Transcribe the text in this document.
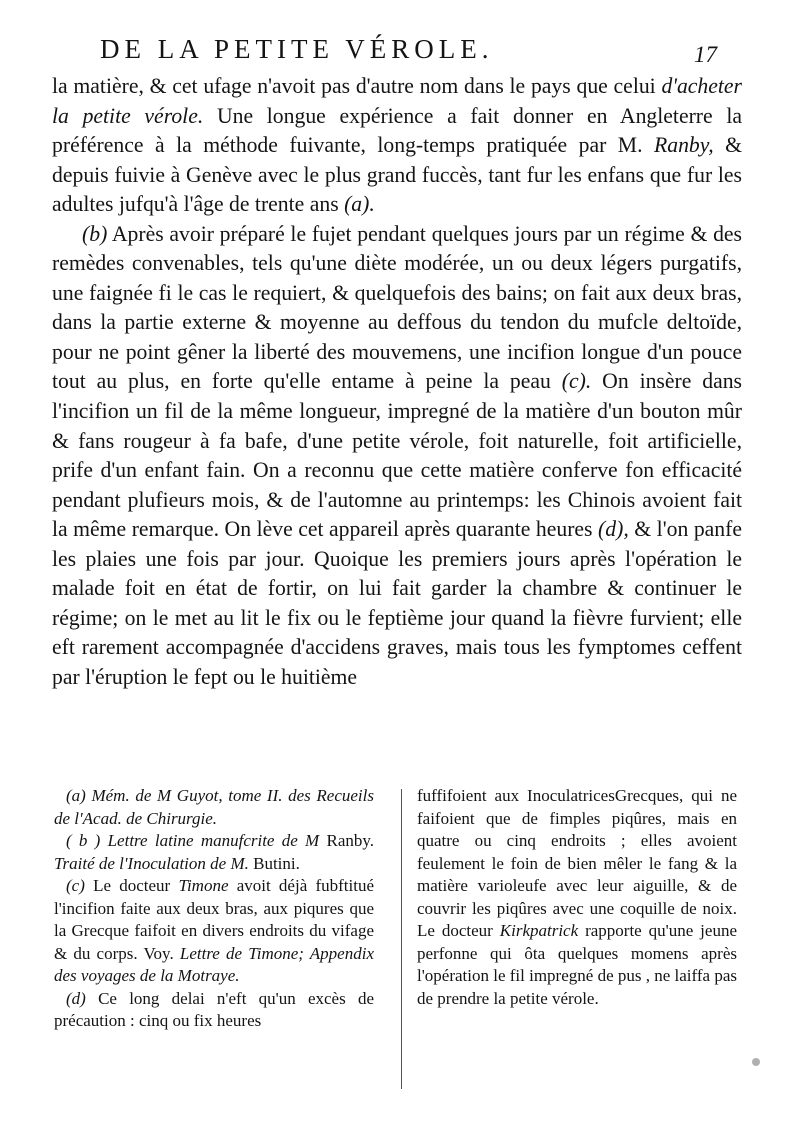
DE LA PETITE VÉROLE.	17

la matière, & cet ufage n'avoit pas d'autre nom dans le pays que celui d'acheter la petite vérole. Une longue expérience a fait donner en Angleterre la préférence à la méthode fuivante, long-temps pratiquée par M. Ranby, & depuis fuivie à Genève avec le plus grand fuccès, tant fur les enfans que fur les adultes jufqu'à l'âge de trente ans (a).

(b) Après avoir préparé le fujet pendant quelques jours par un régime & des remèdes convenables, tels qu'une diète modérée, un ou deux légers purgatifs, une faignée fi le cas le requiert, & quelquefois des bains; on fait aux deux bras, dans la partie externe & moyenne au deffous du tendon du mufcle deltoïde, pour ne point gêner la liberté des mouvemens, une incifion longue d'un pouce tout au plus, en forte qu'elle entame à peine la peau (c). On insère dans l'incifion un fil de la même longueur, impregné de la matière d'un bouton mûr & fans rougeur à fa bafe, d'une petite vérole, foit naturelle, foit artificielle, prife d'un enfant fain. On a reconnu que cette matière conferve fon efficacité pendant plufieurs mois, & de l'automne au printemps: les Chinois avoient fait la même remarque. On lève cet appareil après quarante heures (d), & l'on panfe les plaies une fois par jour. Quoique les premiers jours après l'opération le malade foit en état de fortir, on lui fait garder la chambre & continuer le régime; on le met au lit le fix ou le feptième jour quand la fièvre furvient; elle eft rarement accompagnée d'accidens graves, mais tous les fymptomes ceffent par l'éruption le fept ou le huitième

(a) Mém. de M Guyot, tome II. des Recueils de l'Acad. de Chirurgie.

( b ) Lettre latine manufcrite de M Ranby. Traité de l'Inoculation de M. Butini.

(c) Le docteur Timone avoit déjà fubftitué l'incifion faite aux deux bras, aux piqures que la Grecque faifoit en divers endroits du vifage & du corps. Voy. Lettre de Timone; Appendix des voyages de la Motraye.

(d) Ce long delai n'eft qu'un excès de précaution : cinq ou fix heures

fuffifoient aux InoculatricesGrecques, qui ne faifoient que de fimples piqûres, mais en quatre ou cinq endroits ; elles avoient feulement le foin de bien mêler le fang & la matière varioleufe avec leur aiguille, & de couvrir les piqûres avec une coquille de noix. Le docteur Kirkpatrick rapporte qu'une jeune perfonne qui ôta quelques momens après l'opération le fil impregné de pus , ne laiffa pas de prendre la petite vérole.
